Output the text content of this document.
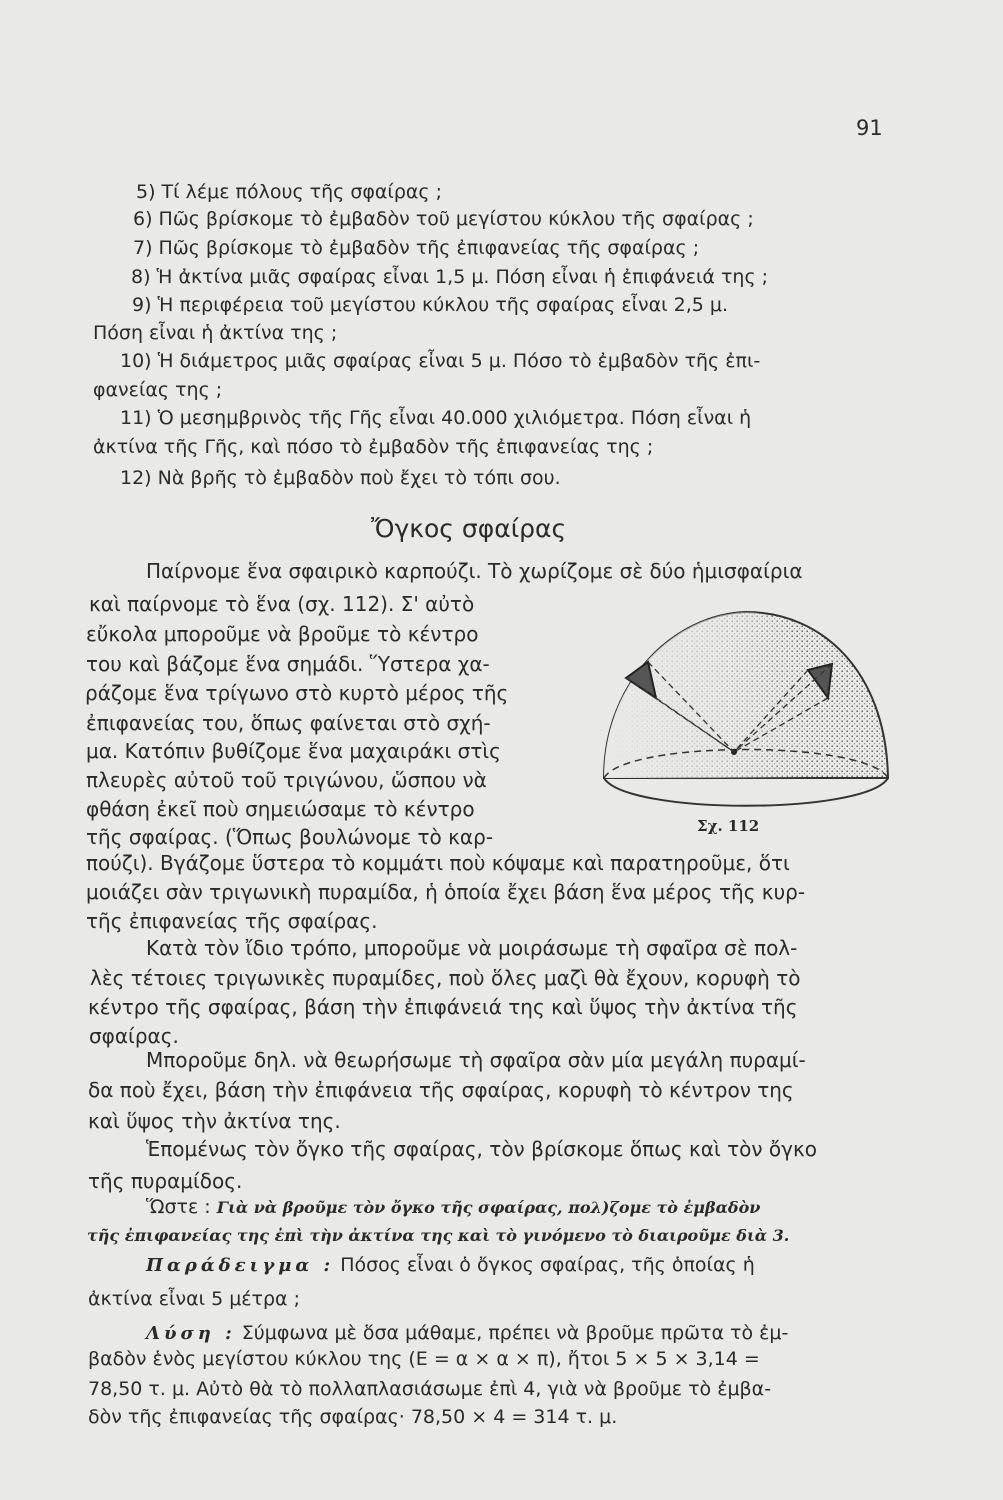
91
5) Τί λέμε πόλους τῆς σφαίρας ;
6) Πῶς βρίσκομε τὸ ἐμβαδὸν τοῦ μεγίστου κύκλου τῆς σφαίρας ;
7) Πῶς βρίσκομε τὸ ἐμβαδὸν τῆς ἐπιφανείας τῆς σφαίρας ;
8) Ἡ ἀκτίνα μιᾶς σφαίρας εἶναι 1,5 μ. Πόση εἶναι ἡ ἐπιφάνειά της ;
9) Ἡ περιφέρεια τοῦ μεγίστου κύκλου τῆς σφαίρας εἶναι 2,5 μ.
Πόση εἶναι ἡ ἀκτίνα της ;
10) Ἡ διάμετρος μιᾶς σφαίρας εἶναι 5 μ. Πόσο τὸ ἐμβαδὸν τῆς ἐπι-
φανείας της ;
11) Ὁ μεσημβρινὸς τῆς Γῆς εἶναι 40.000 χιλιόμετρα. Πόση εἶναι ἡ
ἀκτίνα τῆς Γῆς, καὶ πόσο τὸ ἐμβαδὸν τῆς ἐπιφανείας της ;
12) Νὰ βρῆς τὸ ἐμβαδὸν ποὺ ἔχει τὸ τόπι σου.
Ὄγκος σφαίρας
Παίρνομε ἕνα σφαιρικὸ καρπούζι. Τὸ χωρίζομε σὲ δύο ἡμισφαίρια
καὶ παίρνομε τὸ ἕνα (σχ. 112). Σ' αὐτὸ
εὔκολα μποροῦμε νὰ βροῦμε τὸ κέντρο
του καὶ βάζομε ἕνα σημάδι. Ὕστερα χα-
ράζομε ἕνα τρίγωνο στὸ κυρτὸ μέρος τῆς
ἐπιφανείας του, ὅπως φαίνεται στὸ σχή-
μα. Κατόπιν βυθίζομε ἕνα μαχαιράκι στὶς
πλευρὲς αὐτοῦ τοῦ τριγώνου, ὥσπου νὰ
φθάση ἐκεῖ ποὺ σημειώσαμε τὸ κέντρο
τῆς σφαίρας. (Ὅπως βουλώνομε τὸ καρ-
πούζι). Βγάζομε ὕστερα τὸ κομμάτι ποὺ κόψαμε καὶ παρατηροῦμε, ὅτι
μοιάζει σὰν τριγωνικὴ πυραμίδα, ἡ ὁποία ἔχει βάση ἕνα μέρος τῆς κυρ-
τῆς ἐπιφανείας τῆς σφαίρας.
Κατὰ τὸν ἴδιο τρόπο, μποροῦμε νὰ μοιράσωμε τὴ σφαῖρα σὲ πολ-
λὲς τέτοιες τριγωνικὲς πυραμίδες, ποὺ ὅλες μαζὶ θὰ ἔχουν, κορυφὴ τὸ
κέντρο τῆς σφαίρας, βάση τὴν ἐπιφάνειά της καὶ ὕψος τὴν ἀκτίνα τῆς
σφαίρας.
Μποροῦμε δηλ. νὰ θεωρήσωμε τὴ σφαῖρα σὰν μία μεγάλη πυραμί-
δα ποὺ ἔχει, βάση τὴν ἐπιφάνεια τῆς σφαίρας, κορυφὴ τὸ κέντρον της
καὶ ὕψος τὴν ἀκτίνα της.
Ἑπομένως τὸν ὄγκο τῆς σφαίρας, τὸν βρίσκομε ὅπως καὶ τὸν ὄγκο
τῆς πυραμίδος.
Ὥστε : Γιὰ νὰ βροῦμε τὸν ὄγκο τῆς σφαίρας, πολ)ζομε τὸ ἐμβαδὸν
τῆς ἐπιφανείας της ἐπὶ τὴν ἀκτίνα της καὶ τὸ γινόμενο τὸ διαιροῦμε διὰ 3.
Παράδειγμα : Πόσος εἶναι ὁ ὄγκος σφαίρας, τῆς ὁποίας ἡ
ἀκτίνα εἶναι 5 μέτρα ;
Λύση : Σύμφωνα μὲ ὅσα μάθαμε, πρέπει νὰ βροῦμε πρῶτα τὸ ἐμ-
βαδὸν ἑνὸς μεγίστου κύκλου της (Ε = α × α × π), ἤτοι 5 × 5 × 3,14 =
78,50 τ. μ. Αὐτὸ θὰ τὸ πολλαπλασιάσωμε ἐπὶ 4, γιὰ νὰ βροῦμε τὸ ἐμβα-
δὸν τῆς ἐπιφανείας τῆς σφαίρας· 78,50 × 4 = 314 τ. μ.
Σχ. 112
